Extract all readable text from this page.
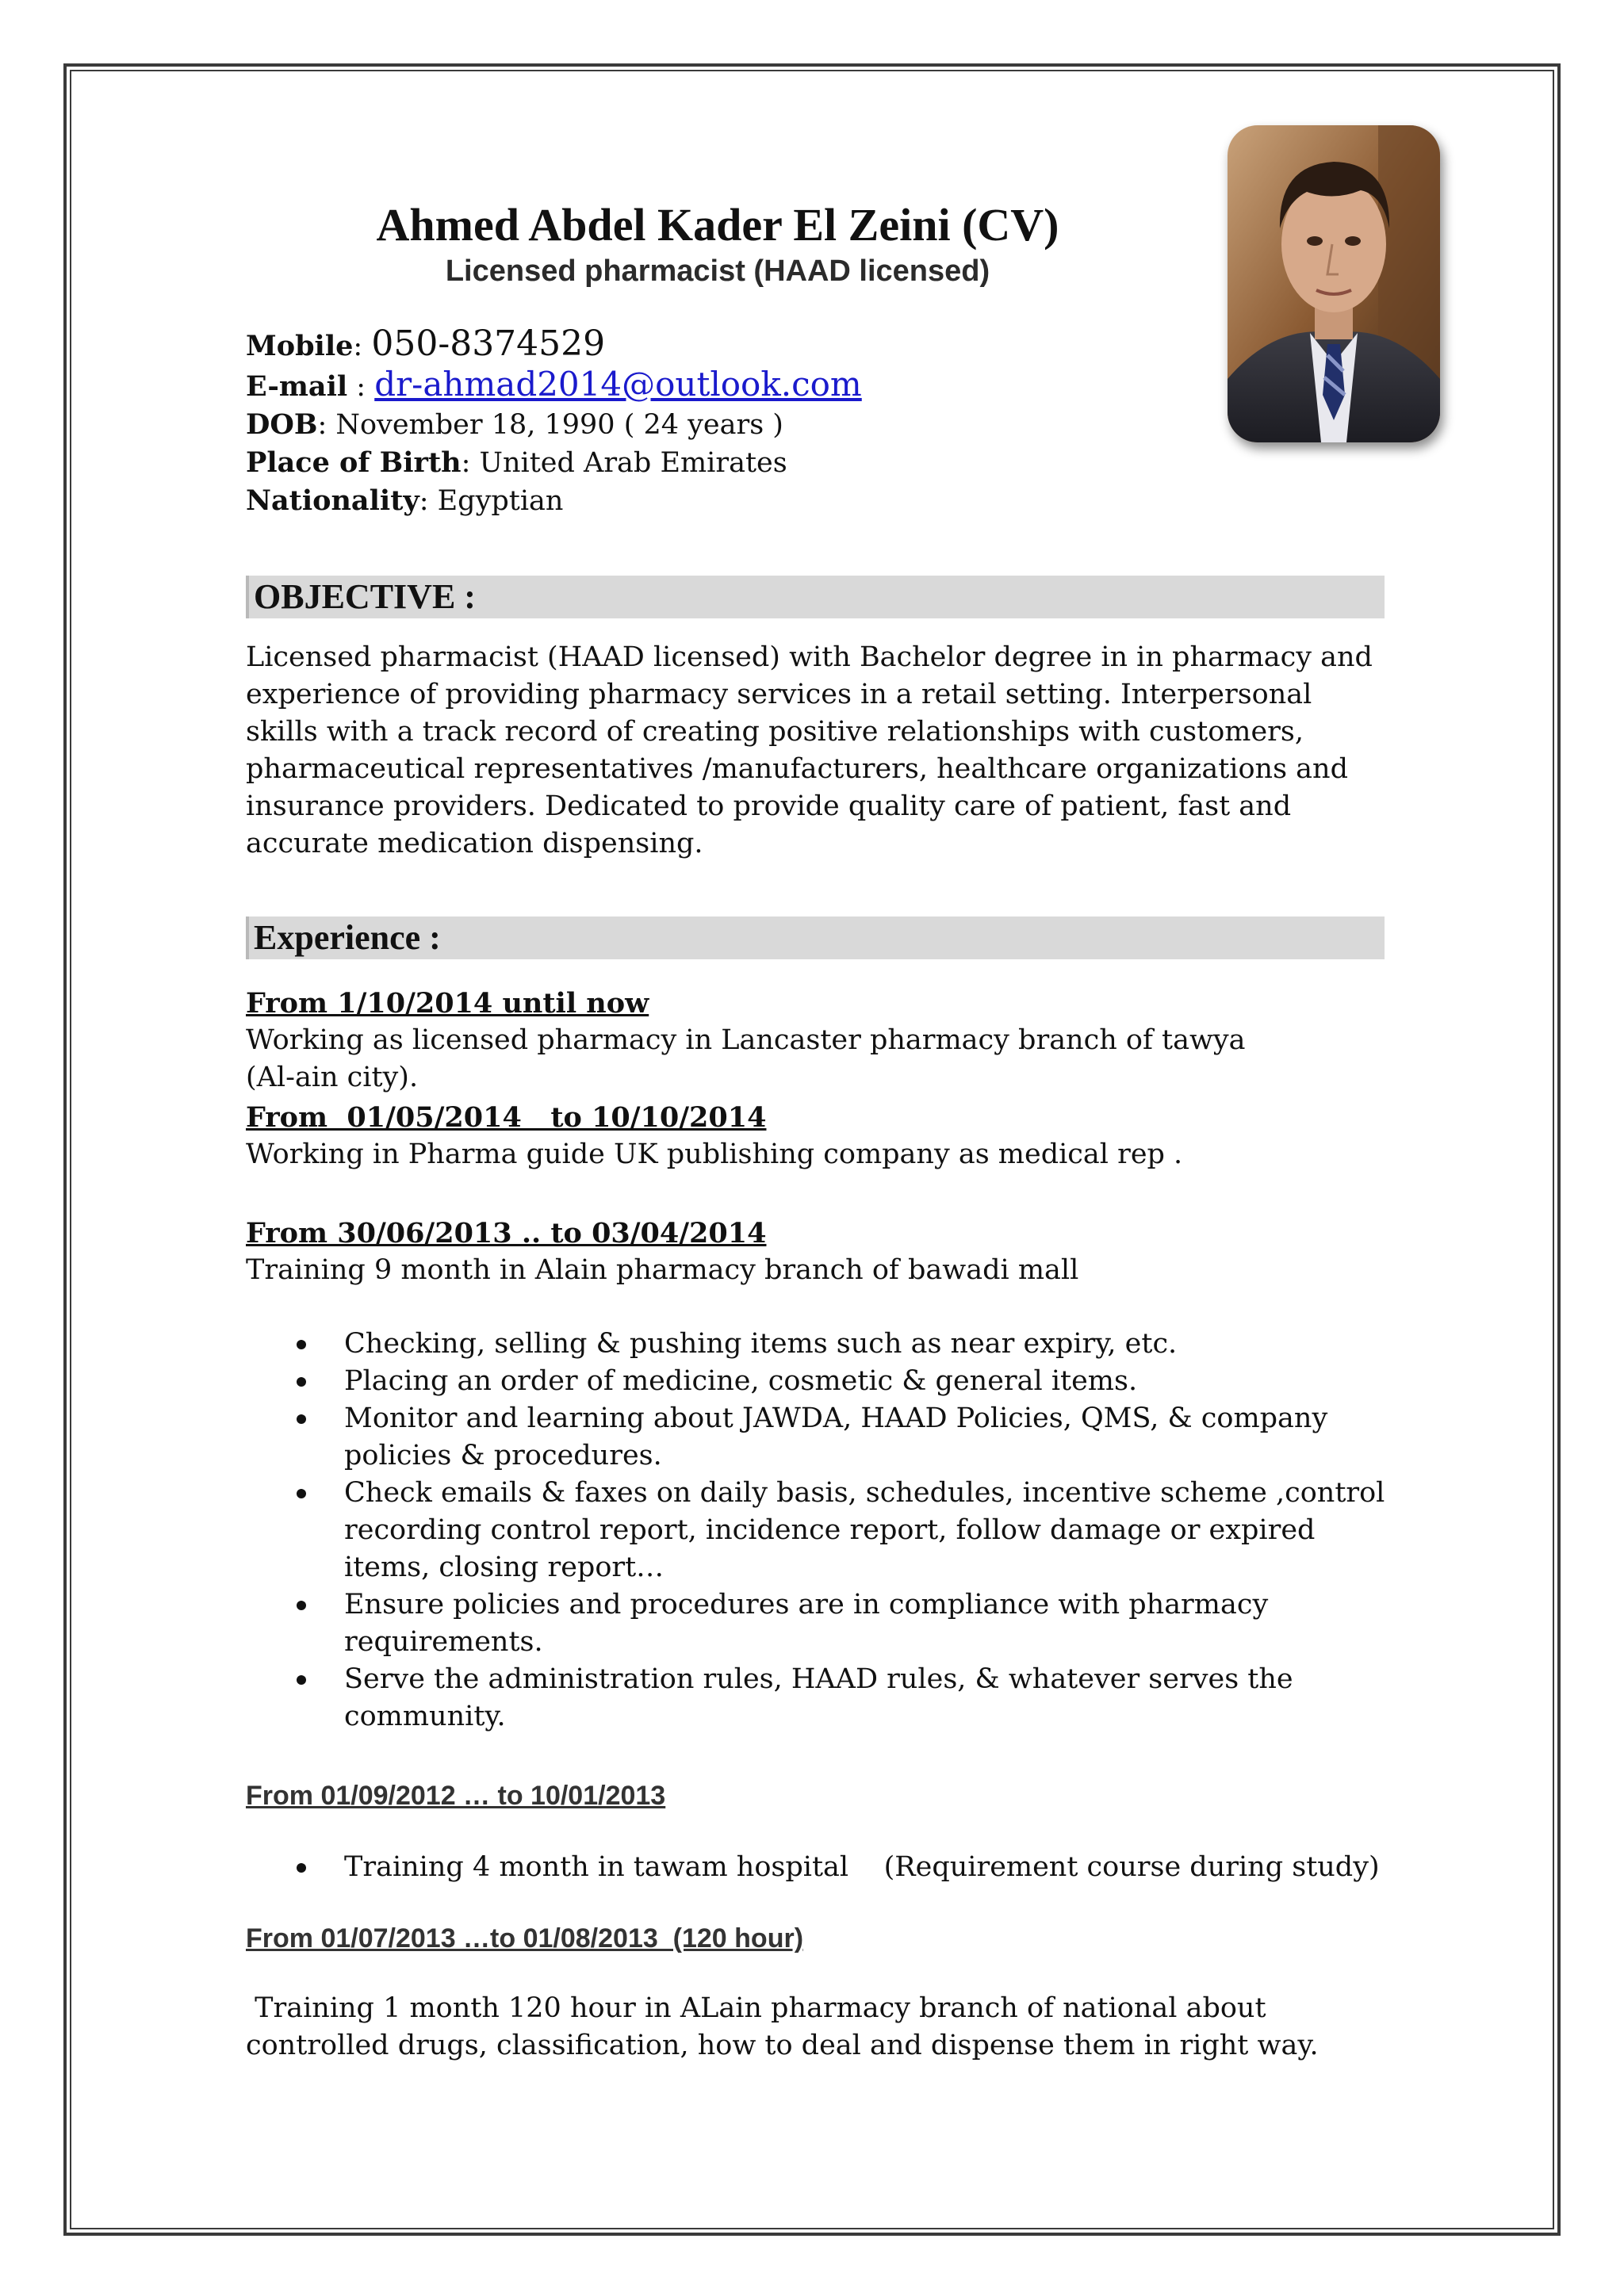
Ahmed Abdel Kader El Zeini (CV)
Licensed pharmacist (HAAD licensed)
Mobile: 050-8374529
E-mail : dr-ahmad2014@outlook.com
DOB: November 18, 1990 ( 24 years )
Place of Birth: United Arab Emirates
Nationality: Egyptian
OBJECTIVE :

Licensed pharmacist (HAAD licensed) with Bachelor degree in in pharmacy and experience of providing pharmacy services in a retail setting. Interpersonal skills with a track record of creating positive relationships with customers, pharmaceutical representatives /manufacturers, healthcare organizations and insurance providers. Dedicated to provide quality care of patient, fast and accurate medication dispensing.

Experience :
From 1/10/2014 until now
Working as licensed pharmacy in Lancaster pharmacy branch of tawya
(Al-ain city).
From  01/05/2014   to 10/10/2014
Working in Pharma guide UK publishing company as medical rep .
From 30/06/2013 .. to 03/04/2014
Training 9 month in Alain pharmacy branch of bawadi mall
Checking, selling & pushing items such as near expiry, etc.
Placing an order of medicine, cosmetic & general items.
Monitor and learning about JAWDA, HAAD Policies, QMS, & company policies & procedures.
Check emails & faxes on daily basis, schedules, incentive scheme ,control recording control report, incidence report, follow damage or expired items, closing report…
Ensure policies and procedures are in compliance with pharmacy requirements.
Serve the administration rules, HAAD rules, & whatever serves the community.
From 01/09/2012 … to 10/01/2013
Training 4 month in tawam hospital    (Requirement course during study)
From 01/07/2013 …to 01/08/2013  (120 hour)

Training 1 month 120 hour in ALain pharmacy branch of national about controlled drugs, classification, how to deal and dispense them in right way.
